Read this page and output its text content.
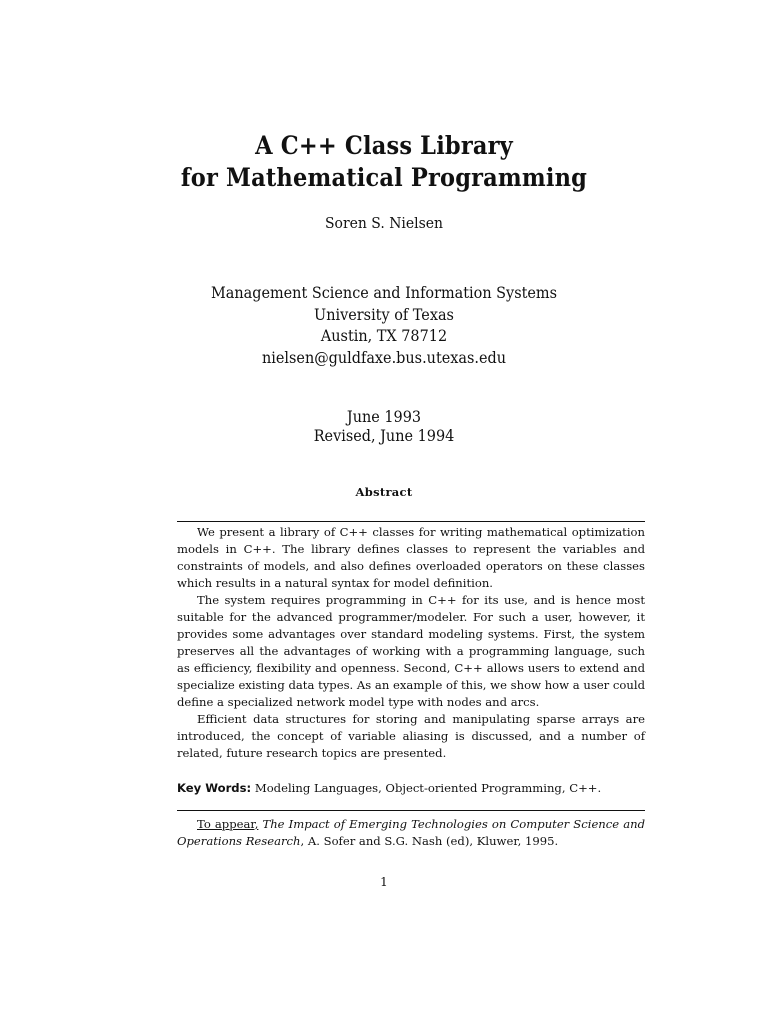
A C++ Class Library
for Mathematical Programming
Soren S. Nielsen
Management Science and Information Systems
University of Texas
Austin, TX 78712
nielsen@guldfaxe.bus.utexas.edu
June 1993
Revised, June 1994
Abstract

We present a library of C++ classes for writing mathematical optimization models in C++. The library defines classes to represent the variables and constraints of models, and also defines overloaded operators on these classes which results in a natural syntax for model definition.

The system requires programming in C++ for its use, and is hence most suitable for the advanced programmer/modeler. For such a user, however, it provides some advantages over standard modeling systems. First, the system preserves all the advantages of working with a programming language, such as efficiency, flexibility and openness. Second, C++ allows users to extend and specialize existing data types. As an example of this, we show how a user could define a specialized network model type with nodes and arcs.

Efficient data structures for storing and manipulating sparse arrays are introduced, the concept of variable aliasing is discussed, and a number of related, future research topics are presented.

Key Words: Modeling Languages, Object-oriented Programming, C++.
To appear, The Impact of Emerging Technologies on Computer Science and Operations Research, A. Sofer and S.G. Nash (ed), Kluwer, 1995.
1
